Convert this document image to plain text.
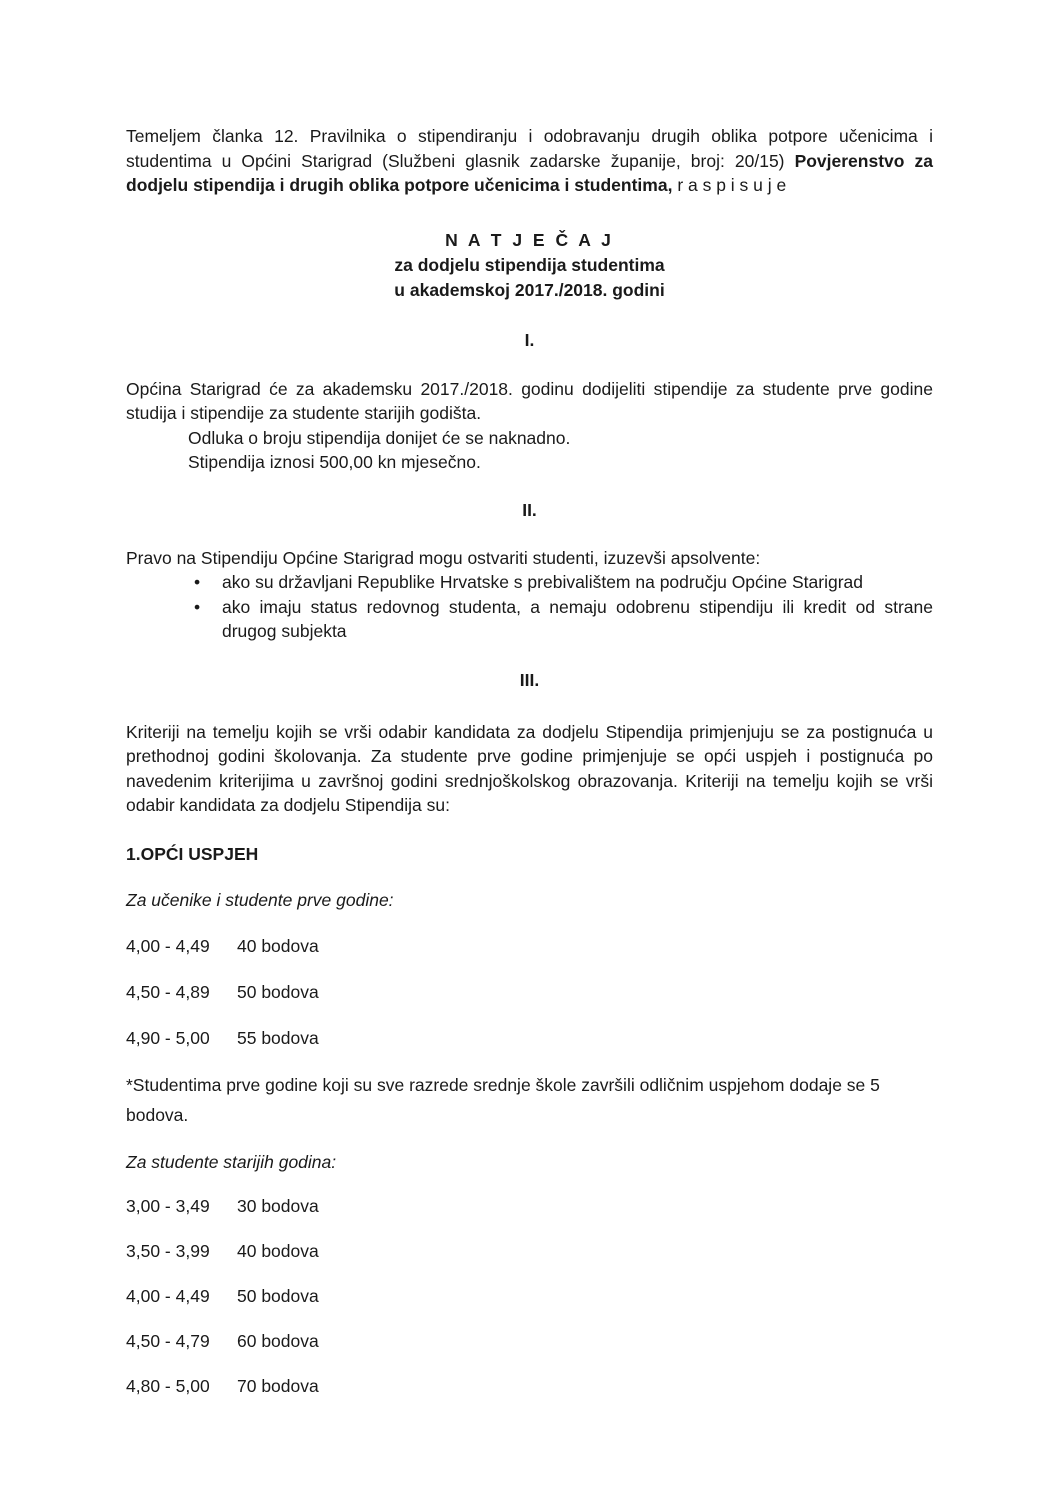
Temeljem članka 12. Pravilnika o stipendiranju i odobravanju drugih oblika potpore učenicima i studentima u Općini Starigrad (Službeni glasnik zadarske županije, broj: 20/15) Povjerenstvo za dodjelu stipendija i drugih oblika potpore učenicima i studentima, r a s p i s u j e

N A T J E Č A J

za dodjelu stipendija studentima

u akademskoj 2017./2018. godini

I.

Općina Starigrad će za akademsku 2017./2018. godinu dodijeliti stipendije za studente prve godine studija i stipendije za studente starijih godišta.

Odluka o broju stipendija donijet će se naknadno.

Stipendija iznosi 500,00 kn mjesečno.

II.

Pravo na Stipendiju Općine Starigrad mogu ostvariti studenti, izuzevši apsolvente:

• ako su državljani Republike Hrvatske s prebivalištem na području Općine Starigrad
• ako imaju status redovnog studenta, a nemaju odobrenu stipendiju ili kredit od strane drugog subjekta

III.

Kriteriji na temelju kojih se vrši odabir kandidata za dodjelu Stipendija primjenjuju se za postignuća u prethodnoj godini školovanja. Za studente prve godine primjenjuje se opći uspjeh i postignuća po navedenim kriterijima u završnoj godini srednjoškolskog obrazovanja. Kriteriji na temelju kojih se vrši odabir kandidata za dodjelu Stipendija su:

1.OPĆI USPJEH

Za učenike i studente prve godine:

4,00 - 4,49	40 bodova
4,50 - 4,89	50 bodova
4,90 - 5,00	55 bodova

*Studentima prve godine koji su sve razrede srednje škole završili odličnim uspjehom dodaje se 5 bodova.

Za studente starijih godina:

3,00 - 3,49	30 bodova
3,50 - 3,99	40 bodova
4,00 - 4,49	50 bodova
4,50 - 4,79	60 bodova
4,80 - 5,00	70 bodova
